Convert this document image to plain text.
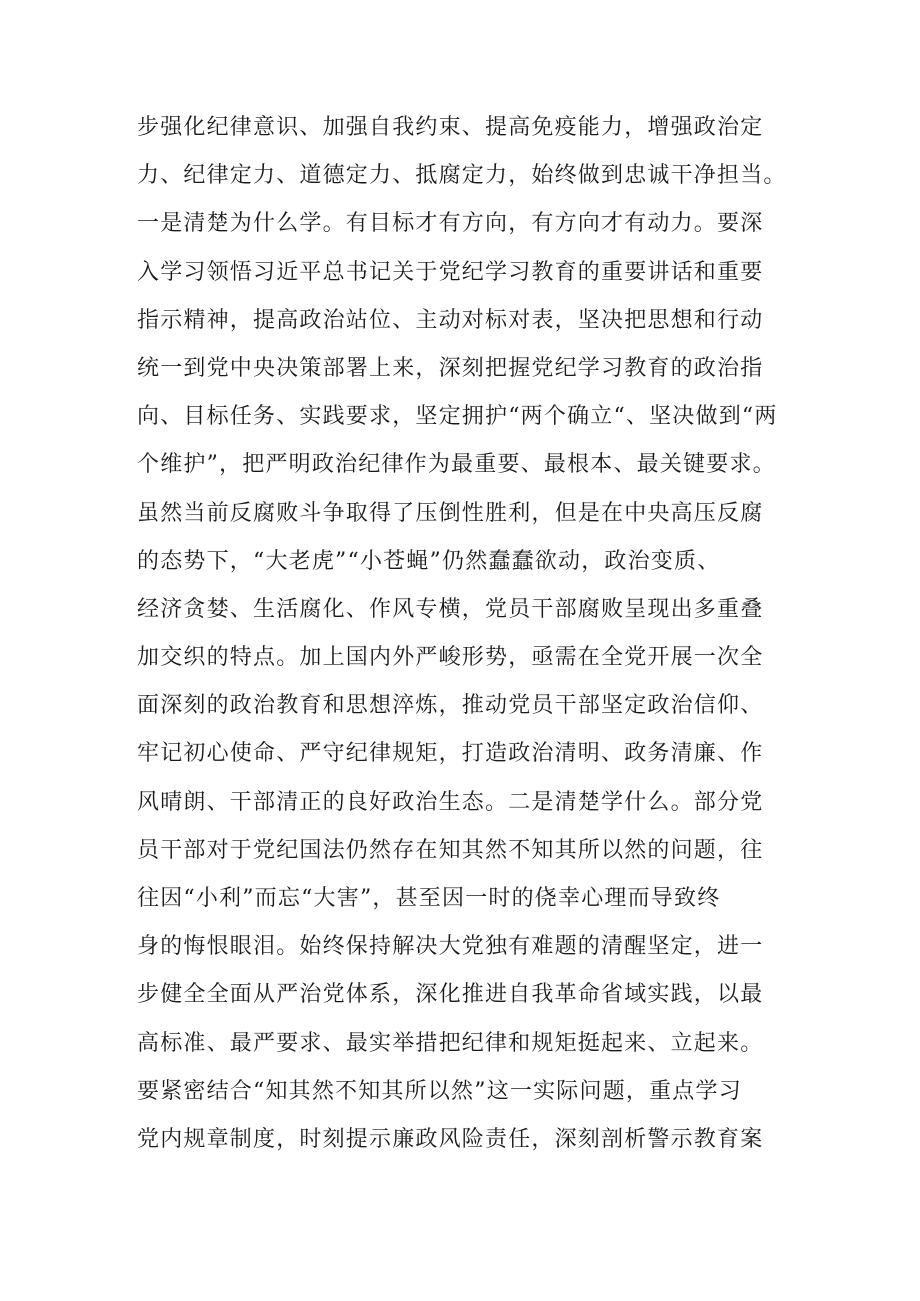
步强化纪律意识、加强自我约束、提高免疫能力，增强政治定
力、纪律定力、道德定力、抵腐定力，始终做到忠诚干净担当。
一是清楚为什么学。有目标才有方向，有方向才有动力。要深
入学习领悟习近平总书记关于党纪学习教育的重要讲话和重要
指示精神，提高政治站位、主动对标对表，坚决把思想和行动
统一到党中央决策部署上来，深刻把握党纪学习教育的政治指
向、目标任务、实践要求，坚定拥护“两个确立“、坚决做到“两
个维护”，把严明政治纪律作为最重要、最根本、最关键要求。
虽然当前反腐败斗争取得了压倒性胜利，但是在中央高压反腐
的态势下，“大老虎”“小苍蝇”仍然蠢蠢欲动，政治变质、
经济贪婪、生活腐化、作风专横，党员干部腐败呈现出多重叠
加交织的特点。加上国内外严峻形势，亟需在全党开展一次全
面深刻的政治教育和思想淬炼，推动党员干部坚定政治信仰、
牢记初心使命、严守纪律规矩，打造政治清明、政务清廉、作
风晴朗、干部清正的良好政治生态。二是清楚学什么。部分党
员干部对于党纪国法仍然存在知其然不知其所以然的问题，往
往因“小利”而忘“大害”，甚至因一时的侥幸心理而导致终
身的悔恨眼泪。始终保持解决大党独有难题的清醒坚定，进一
步健全全面从严治党体系，深化推进自我革命省域实践，以最
高标准、最严要求、最实举措把纪律和规矩挺起来、立起来。
要紧密结合“知其然不知其所以然”这一实际问题，重点学习
党内规章制度，时刻提示廉政风险责任，深刻剖析警示教育案
